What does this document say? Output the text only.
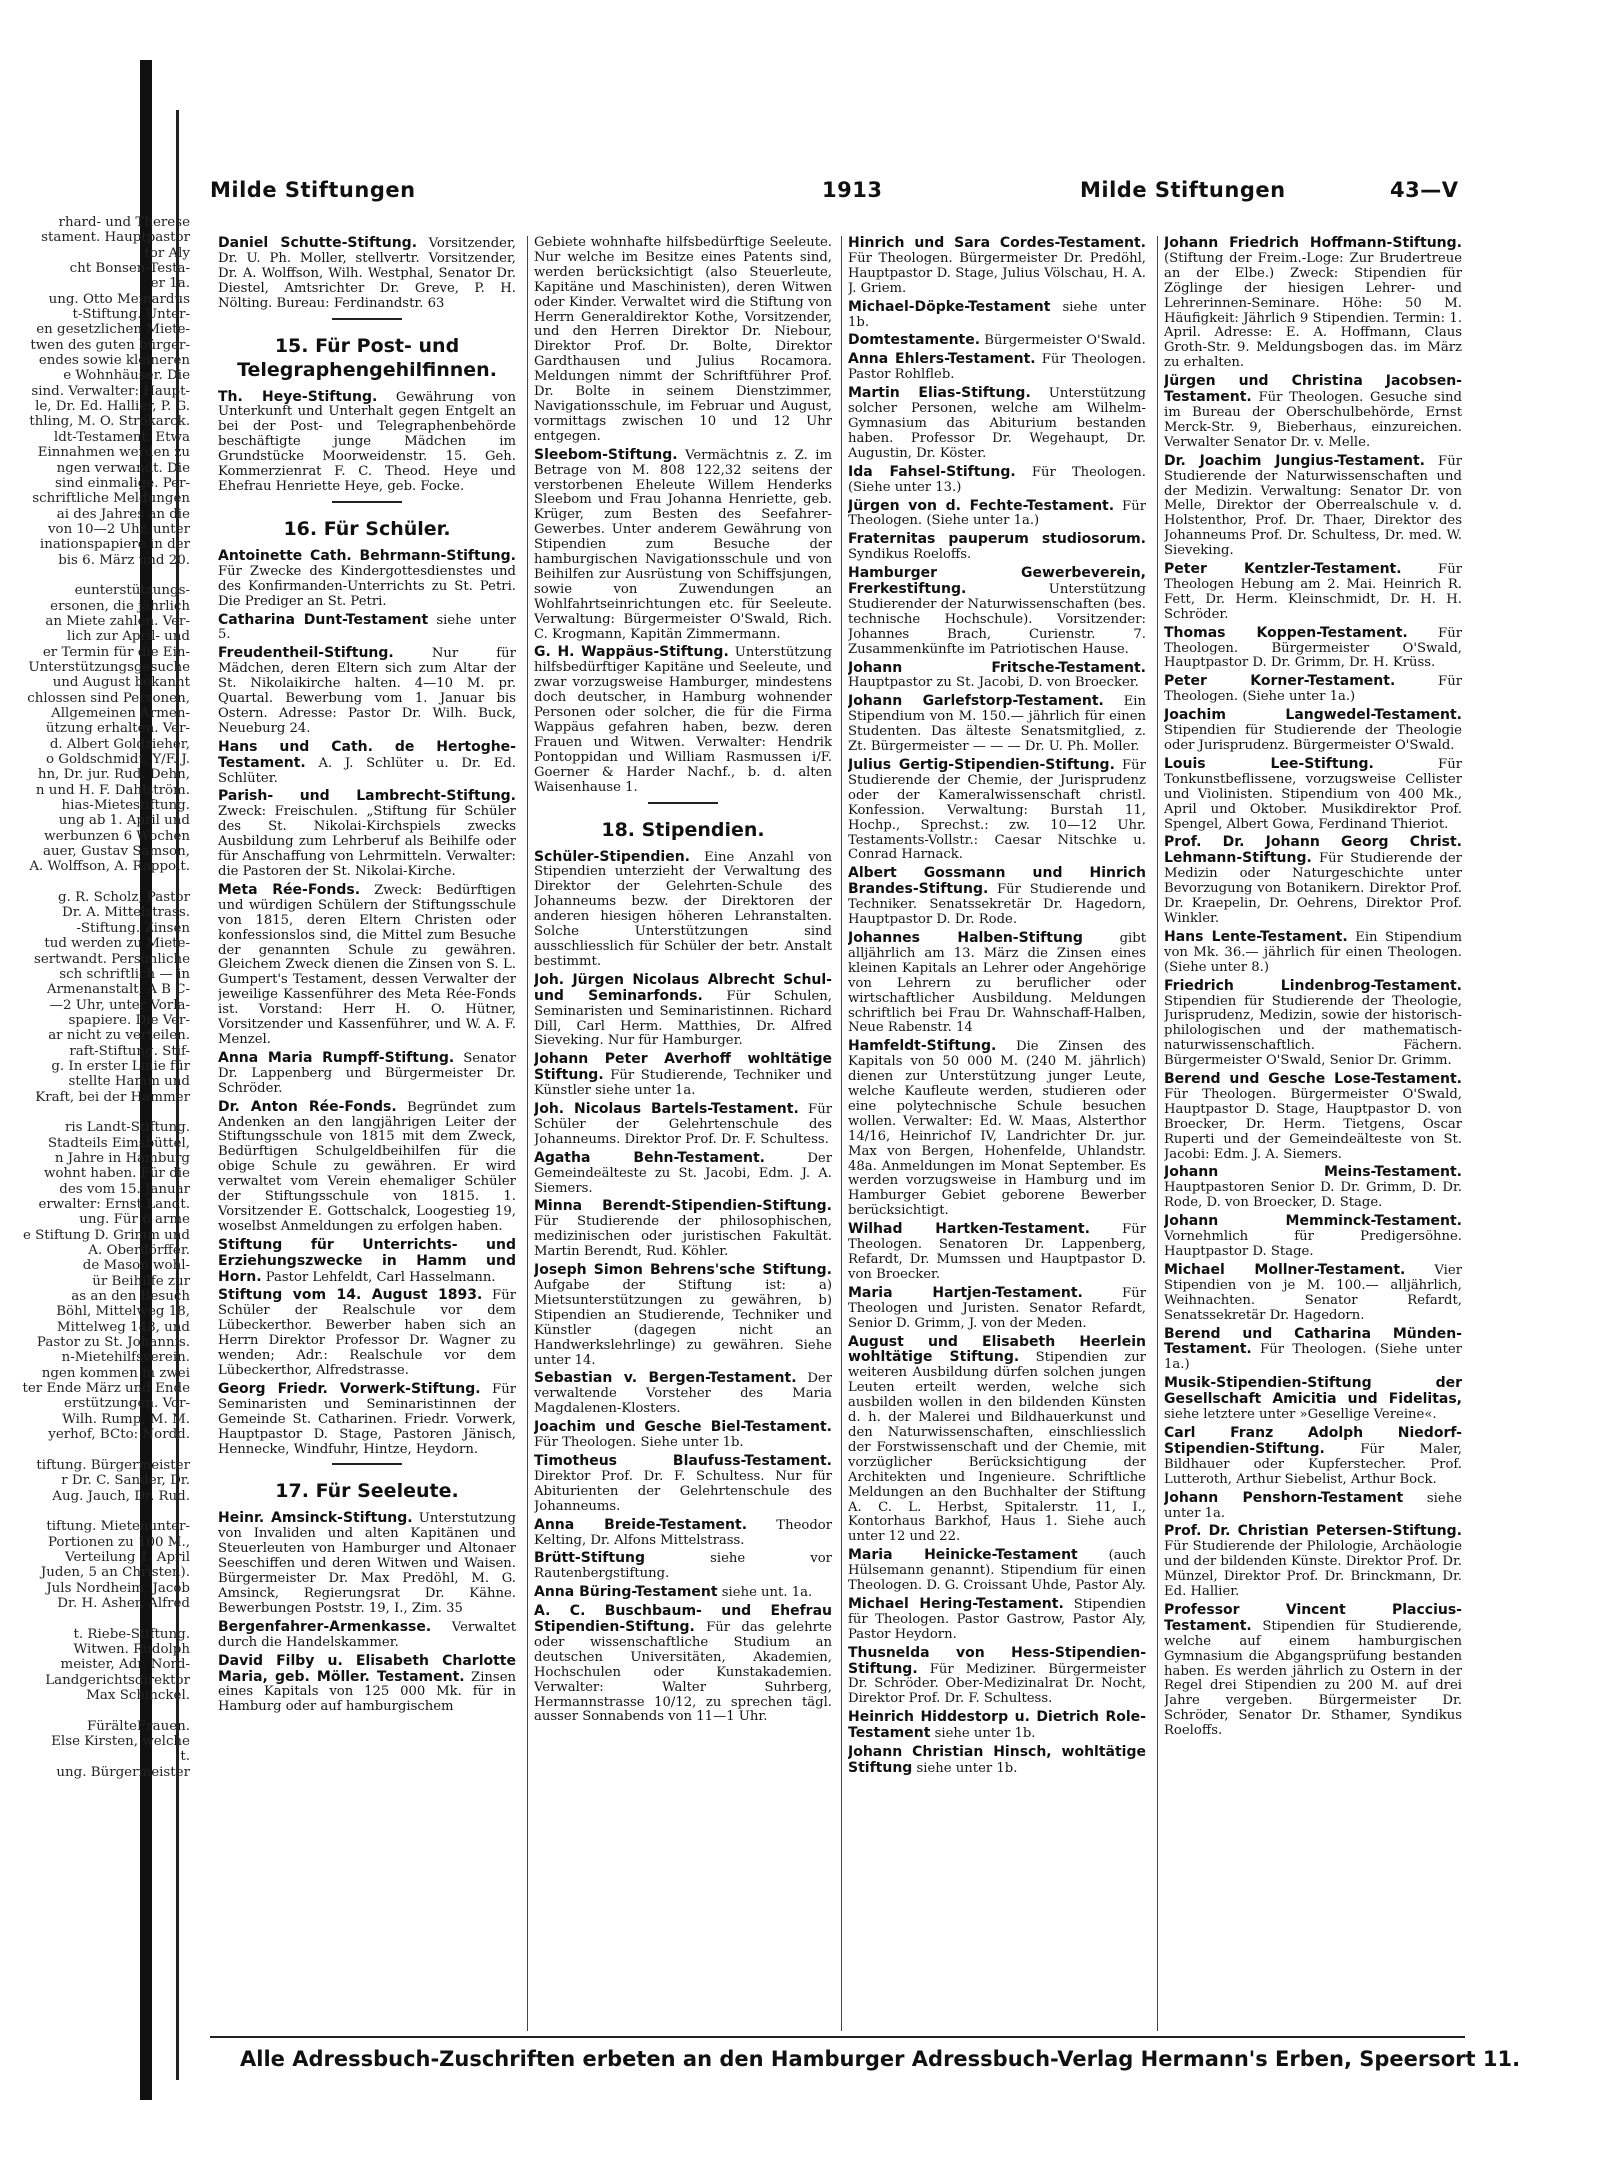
rhard- und Therese
stament. Hauptpastor
tor Aly
cht Bonsen-Testa-
er 1a.
ung. Otto Meinardus
t-Stiftung. Unter-
en gesetzlichen Miete-
twen des guten bürger-
endes sowie kleineren
e Wohnhäuser. Die
sind. Verwalter: Haupt-
le, Dr. Ed. Hallier, P. G.
thling, M. O. Strokarck.
ldt-Testament. Etwa
Einnahmen werden zu
ngen verwandt. Die
sind einmalige. Per-
schriftliche Meldungen
ai des Jahres an die
von 10—2 Uhr, unter
inationspapiere in der
bis 6. März und 20.
eunterstützungs-
ersonen, die jährlich
an Miete zahlen. Ver-
lich zur April- und
er Termin für die Ein-
Unterstützungsgesuche
und August bekannt
chlossen sind Personen,
Allgemeinen Armen-
ützung erhalten. Ver-
d. Albert Goldzieher,
o Goldschmidt, Y/F. J.
hn, Dr. jur. Rud. Dehn,
n und H. F. Dahlström.
hias-Mietestiftung.
ung ab 1. April und
werbunzen 6 Wochen
auer, Gustav Samson,
A. Wolffson, A. Rappolt.
g. R. Scholz, Pastor
Dr. A. Mittelstrass.
-Stiftung. Zinsen
tud werden zu Miete-
sertwandt. Persönliche
sch schriftlich — in
Armenanstalt, A B C-
—2 Uhr, unter Vorla-
spapiere. Die Ver-
ar nicht zu verteilen.
raft-Stiftung. Stif-
g. In erster Linie für
stellte Hamm und
Kraft, bei der Hammer
ris Landt-Stiftung.
Stadteils Eimsbüttel,
n Jahre in Hamburg
wohnt haben. Für die
des vom 15. Januar
erwalter: Ernst Landt.
ung. Für 6 arme
e Stiftung D. Grimm und
A. Oberdörffer.
de Mason wohl-
ür Beihilfe zur
as an den Besuch
Böhl, Mittelweg 18,
Mittelweg 148, und
Pastor zu St. Johannis.
n-Mietehilfsverein.
ngen kommen in zwei
ter Ende März und Ende
erstützungen. Vor-
Wilh. Rump, M. M.
yerhof, BCto: Nordd.
tiftung. Bürgermeister
r Dr. C. Sander, Dr.
Aug. Jauch, Dr. Rud.
tiftung. Mietenunter-
Portionen zu 100 M.,
Verteilung 1. April
Juden, 5 an Christen).
Juls Nordheim, Jacob
Dr. H. Asher, Alfred
t. Riebe-Stiftung.
Witwen. Rudolph
meister, Adr. Nord-
Landgerichtsdirektor
Max Schinckel.
FürälteFrauen.
Else Kirsten, welche
t.
ung. Bürgermeister
Milde Stiftungen	1913	Milde Stiftungen	43—V

Daniel Schutte-Stiftung. Vorsitzender, Dr. U. Ph. Moller, stellvertr. Vorsitzender, Dr. A. Wolffson, Wilh. Westphal, Senator Dr. Diestel, Amtsrichter Dr. Greve, P. H. Nölting. Bureau: Ferdinandstr. 63

15. Für Post- und Telegraphengehilfinnen.

Th. Heye-Stiftung. Gewährung von Unterkunft und Unterhalt gegen Entgelt an bei der Post- und Telegraphenbehörde beschäftigte junge Mädchen im Grundstücke Moorweidenstr. 15. Geh. Kommerzienrat F. C. Theod. Heye und Ehefrau Henriette Heye, geb. Focke.

16. Für Schüler.

Antoinette Cath. Behrmann-Stiftung. Für Zwecke des Kindergottesdienstes und des Konfirmanden-Unterrichts zu St. Petri. Die Prediger an St. Petri.

Catharina Dunt-Testament siehe unter 5.

Freudentheil-Stiftung.	Nur für Mädchen, deren Eltern sich zum Altar der St. Nikolaikirche halten. 4—10 M. pr. Quartal. Bewerbung vom 1. Januar bis Ostern. Adresse: Pastor Dr. Wilh. Buck, Neueburg 24.

Hans und Cath. de Hertoghe-Testament. A. J. Schlüter u. Dr. Ed. Schlüter.

Parish- und Lambrecht-Stiftung. Zweck: Freischulen. „Stiftung für Schüler des St. Nikolai-Kirchspiels zwecks Ausbildung zum Lehrberuf als Beihilfe oder für Anschaffung von Lehrmitteln. Verwalter: die Pastoren der St. Nikolai-Kirche.

Meta Rée-Fonds. Zweck: Bedürftigen und würdigen Schülern der Stiftungsschule von 1815, deren Eltern Christen oder konfessionslos sind, die Mittel zum Besuche der genannten Schule zu gewähren. Gleichem Zweck dienen die Zinsen von S. L. Gumpert's Testament, dessen Verwalter der jeweilige Kassenführer des Meta Rée-Fonds ist. Vorstand: Herr H. O. Hütner, Vorsitzender und Kassenführer, und W. A. F. Menzel.

Anna Maria Rumpff-Stiftung. Senator Dr. Lappenberg und Bürgermeister Dr. Schröder.

Dr. Anton Rée-Fonds. Begründet zum Andenken an den langjährigen Leiter der Stiftungsschule von 1815 mit dem Zweck, Bedürftigen Schulgeldbeihilfen für die obige Schule zu gewähren. Er wird verwaltet vom Verein ehemaliger Schüler der Stiftungsschule von 1815. 1. Vorsitzender E. Gottschalck, Loogestieg 19, woselbst Anmeldungen zu erfolgen haben.

Stiftung für Unterrichts- und Erziehungszwecke in Hamm und Horn. Pastor Lehfeldt, Carl Hasselmann.

Stiftung vom 14. August 1893. Für Schüler der Realschule vor dem Lübeckerthor. Bewerber haben sich an Herrn Direktor Professor Dr. Wagner zu wenden; Adr.: Realschule vor dem Lübeckerthor, Alfredstrasse.

Georg Friedr. Vorwerk-Stiftung. Für Seminaristen und Seminaristinnen der Gemeinde St. Catharinen. Friedr. Vorwerk, Hauptpastor D. Stage, Pastoren Jänisch, Hennecke, Windfuhr, Hintze, Heydorn.

17. Für Seeleute.

Heinr. Amsinck-Stiftung. Unterstutzung von Invaliden und alten Kapitänen und Steuerleuten von Hamburger und Altonaer Seeschiffen und deren Witwen und Waisen. Bürgermeister Dr. Max Predöhl, M. G. Amsinck, Regierungsrat Dr. Kähne. Bewerbungen Poststr. 19, I., Zim. 35

Bergenfahrer-Armenkasse. Verwaltet durch die Handelskammer.

David Filby u. Elisabeth Charlotte Maria, geb. Möller. Testament. Zinsen eines Kapitals von 125 000 Mk. für in Hamburg oder auf hamburgischem

Gebiete wohnhafte hilfsbedürftige Seeleute. Nur welche im Besitze eines Patents sind, werden berücksichtigt (also Steuerleute, Kapitäne und Maschinisten), deren Witwen oder Kinder. Verwaltet wird die Stiftung von Herrn Generaldirektor Kothe, Vorsitzender, und den Herren Direktor Dr. Niebour, Direktor Prof. Dr. Bolte, Direktor Gardthausen und Julius Rocamora. Meldungen nimmt der Schriftführer Prof. Dr. Bolte in seinem Dienstzimmer, Navigationsschule, im Februar und August, vormittags zwischen 10 und 12 Uhr entgegen.

Sleebom-Stiftung. Vermächtnis z. Z. im Betrage von M. 808 122,32 seitens der verstorbenen Eheleute Willem Henderks Sleebom und Frau Johanna Henriette, geb. Krüger, zum Besten des Seefahrer-Gewerbes. Unter anderem Gewährung von Stipendien zum Besuche der hamburgischen Navigationsschule und von Beihilfen zur Ausrüstung von Schiffsjungen, sowie von Zuwendungen an Wohlfahrtseinrichtungen etc. für Seeleute. Verwaltung: Bürgermeister O'Swald, Rich. C. Krogmann, Kapitän Zimmermann.

G. H. Wappäus-Stiftung. Unterstützung hilfsbedürftiger Kapitäne und Seeleute, und zwar vorzugsweise Hamburger, mindestens doch deutscher, in Hamburg wohnender Personen oder solcher, die für die Firma Wappäus gefahren haben, bezw. deren Frauen und Witwen. Verwalter: Hendrik Pontoppidan und William Rasmussen i/F. Goerner & Harder Nachf., b. d. alten Waisenhause 1.

18. Stipendien.

Schüler-Stipendien. Eine Anzahl von Stipendien unterzieht der Verwaltung des Direktor der Gelehrten-Schule des Johanneums bezw. der Direktoren der anderen hiesigen höheren Lehranstalten. Solche Unterstützungen sind ausschliesslich für Schüler der betr. Anstalt bestimmt.

Joh. Jürgen Nicolaus Albrecht Schul- und Seminarfonds. Für Schulen, Seminaristen und Seminaristinnen. Richard Dill, Carl Herm. Matthies, Dr. Alfred Sieveking. Nur für Hamburger.

Johann Peter Averhoff wohltätige Stiftung. Für Studierende, Techniker und Künstler siehe unter 1a.

Joh. Nicolaus Bartels-Testament. Für Schüler der Gelehrtenschule des Johanneums. Direktor Prof. Dr. F. Schultess.

Agatha Behn-Testament.	Der Gemeindeälteste zu St. Jacobi, Edm. J. A. Siemers.

Minna Berendt-Stipendien-Stiftung. Für Studierende der philosophischen, medizinischen oder juristischen Fakultät. Martin Berendt, Rud. Köhler.

Joseph Simon Behrens'sche Stiftung. Aufgabe der Stiftung ist: a) Mietsunterstützungen zu gewähren, b) Stipendien an Studierende, Techniker und Künstler (dagegen nicht an Handwerkslehrlinge) zu gewähren. Siehe unter 14.

Sebastian v. Bergen-Testament. Der verwaltende Vorsteher des Maria Magdalenen-Klosters.

Joachim und Gesche Biel-Testament. Für Theologen. Siehe unter 1b.

Timotheus Blaufuss-Testament. Direktor Prof. Dr. F. Schultess. Nur für Abiturienten der Gelehrtenschule des Johanneums.

Anna Breide-Testament. Theodor Kelting, Dr. Alfons Mittelstrass.

Brütt-Stiftung	siehe vor Rautenbergstiftung.

Anna Büring-Testament siehe unt. 1a.

A. C. Buschbaum- und Ehefrau Stipendien-Stiftung. Für das gelehrte oder wissenschaftliche Studium an deutschen Universitäten, Akademien, Hochschulen oder Kunstakademien. Verwalter: Walter Suhrberg, Hermannstrasse 10/12, zu sprechen tägl. ausser Sonnabends von 11—1 Uhr.

Hinrich und Sara Cordes-Testament. Für Theologen. Bürgermeister Dr. Predöhl, Hauptpastor D. Stage, Julius Völschau, H. A. J. Griem.

Michael-Döpke-Testament siehe unter 1b.

Domtestamente. Bürgermeister O'Swald.

Anna Ehlers-Testament. Für Theologen. Pastor Rohlfleb.

Martin Elias-Stiftung. Unterstützung solcher Personen, welche am Wilhelm-Gymnasium das Abiturium bestanden haben. Professor Dr. Wegehaupt, Dr. Augustin, Dr. Köster.

Ida Fahsel-Stiftung. Für Theologen. (Siehe unter 13.)

Jürgen von d. Fechte-Testament. Für Theologen. (Siehe unter 1a.)

Fraternitas pauperum studiosorum. Syndikus Roeloffs.

Hamburger Gewerbeverein, Frerkestiftung.	Unterstützung Studierender der Naturwissenschaften (bes. technische Hochschule). Vorsitzender: Johannes Brach, Curienstr. 7. Zusammenkünfte im Patriotischen Hause.

Johann Fritsche-Testament. Hauptpastor zu St. Jacobi, D. von Broecker.

Johann Garlefstorp-Testament. Ein Stipendium von M. 150.— jährlich für einen Studenten. Das älteste Senatsmitglied, z. Zt. Bürgermeister — — — Dr. U. Ph. Moller.

Julius Gertig-Stipendien-Stiftung. Für Studierende der Chemie, der Jurisprudenz oder der Kameralwissenschaft christl. Konfession. Verwaltung: Burstah 11, Hochp., Sprechst.: zw. 10—12 Uhr. Testaments-Vollstr.: Caesar Nitschke u. Conrad Harnack.

Albert Gossmann und Hinrich Brandes-Stiftung. Für Studierende und Techniker. Senatssekretär Dr. Hagedorn, Hauptpastor D. Dr. Rode.

Johannes Halben-Stiftung	gibt alljährlich am 13. März die Zinsen eines kleinen Kapitals an Lehrer oder Angehörige von Lehrern zu beruflicher oder wirtschaftlicher Ausbildung. Meldungen schriftlich bei Frau Dr. Wahnschaff-Halben, Neue Rabenstr. 14

Hamfeldt-Stiftung. Die Zinsen des Kapitals von 50 000 M. (240 M. jährlich) dienen zur Unterstützung junger Leute, welche Kaufleute werden, studieren oder eine polytechnische Schule besuchen wollen. Verwalter: Ed. W. Maas, Alsterthor 14/16, Heinrichof IV, Landrichter Dr. jur. Max von Bergen, Hohenfelde, Uhlandstr. 48a. Anmeldungen im Monat September. Es werden vorzugsweise in Hamburg und im Hamburger Gebiet geborene Bewerber berücksichtigt.

Wilhad Hartken-Testament. Für Theologen. Senatoren Dr. Lappenberg, Refardt, Dr. Mumssen und Hauptpastor D. von Broecker.

Maria Hartjen-Testament.	Für Theologen und Juristen. Senator Refardt, Senior D. Grimm, J. von der Meden.

August und Elisabeth Heerlein wohltätige Stiftung. Stipendien zur weiteren Ausbildung dürfen solchen jungen Leuten erteilt werden, welche sich ausbilden wollen in den bildenden Künsten d. h. der Malerei und Bildhauerkunst und den Naturwissenschaften, einschliesslich der Forstwissenschaft und der Chemie, mit vorzüglicher Berücksichtigung der Architekten und Ingenieure. Schriftliche Meldungen an den Buchhalter der Stiftung A. C. L. Herbst, Spitalerstr. 11, I., Kontorhaus Barkhof, Haus 1. Siehe auch unter 12 und 22.

Maria Heinicke-Testament (auch Hülsemann genannt). Stipendium für einen Theologen. D. G. Croissant Uhde, Pastor Aly.

Michael Hering-Testament. Stipendien für Theologen. Pastor Gastrow, Pastor Aly, Pastor Heydorn.

Thusnelda von Hess-Stipendien-Stiftung. Für Mediziner. Bürgermeister Dr. Schröder. Ober-Medizinalrat Dr. Nocht, Direktor Prof. Dr. F. Schultess.

Heinrich Hiddestorp u. Dietrich Role-Testament siehe unter 1b.

Johann Christian Hinsch, wohltätige Stiftung siehe unter 1b.

Johann Friedrich Hoffmann-Stiftung. (Stiftung der Freim.-Loge: Zur Brudertreue an der Elbe.) Zweck: Stipendien für Zöglinge der hiesigen Lehrer- und Lehrerinnen-Seminare. Höhe: 50 M. Häufigkeit: Jährlich 9 Stipendien. Termin: 1. April. Adresse: E. A. Hoffmann, Claus Groth-Str. 9. Meldungsbogen das. im März zu erhalten.

Jürgen und Christina Jacobsen-Testament. Für Theologen. Gesuche sind im Bureau der Oberschulbehörde, Ernst Merck-Str. 9, Bieberhaus, einzureichen. Verwalter Senator Dr. v. Melle.

Dr. Joachim Jungius-Testament. Für Studierende der Naturwissenschaften und der Medizin. Verwaltung: Senator Dr. von Melle, Direktor der Oberrealschule v. d. Holstenthor, Prof. Dr. Thaer, Direktor des Johanneums Prof. Dr. Schultess, Dr. med. W. Sieveking.

Peter Kentzler-Testament.	Für Theologen Hebung am 2. Mai. Heinrich R. Fett, Dr. Herm. Kleinschmidt, Dr. H. H. Schröder.

Thomas Koppen-Testament. Für Theologen. Bürgermeister O'Swald, Hauptpastor D. Dr. Grimm, Dr. H. Krüss.

Peter Korner-Testament.	Für Theologen. (Siehe unter 1a.)

Joachim Langwedel-Testament. Stipendien für Studierende der Theologie oder Jurisprudenz. Bürgermeister O'Swald.

Louis Lee-Stiftung.	Für Tonkunstbeflissene, vorzugsweise Cellister und Violinisten. Stipendium von 400 Mk., April und Oktober. Musikdirektor Prof. Spengel, Albert Gowa, Ferdinand Thieriot.

Prof. Dr. Johann Georg Christ. Lehmann-Stiftung. Für Studierende der Medizin oder Naturgeschichte unter Bevorzugung von Botanikern. Direktor Prof. Dr. Kraepelin, Dr. Oehrens, Direktor Prof. Winkler.

Hans Lente-Testament. Ein Stipendium von Mk. 36.— jährlich für einen Theologen. (Siehe unter 8.)

Friedrich Lindenbrog-Testament. Stipendien für Studierende der Theologie, Jurisprudenz, Medizin, sowie der historisch-philologischen und der mathematisch-naturwissenschaftlich. Fächern. Bürgermeister O'Swald, Senior Dr. Grimm.

Berend und Gesche Lose-Testament. Für Theologen. Bürgermeister O'Swald, Hauptpastor D. Stage, Hauptpastor D. von Broecker, Dr. Herm. Tietgens, Oscar Ruperti und der Gemeindeälteste von St. Jacobi: Edm. J. A. Siemers.

Johann Meins-Testament. Hauptpastoren Senior D. Dr. Grimm, D. Dr. Rode, D. von Broecker, D. Stage.

Johann Memminck-Testament. Vornehmlich für Predigersöhne. Hauptpastor D. Stage.

Michael Mollner-Testament. Vier Stipendien von je M. 100.— alljährlich, Weihnachten. Senator Refardt, Senatssekretär Dr. Hagedorn.

Berend und Catharina Münden-Testament. Für Theologen. (Siehe unter 1a.)

Musik-Stipendien-Stiftung der Gesellschaft Amicitia und Fidelitas, siehe letztere unter »Gesellige Vereine«.

Carl Franz Adolph Niedorf-Stipendien-Stiftung.	Für Maler, Bildhauer oder Kupferstecher. Prof. Lutteroth, Arthur Siebelist, Arthur Bock.

Johann Penshorn-Testament siehe unter 1a.

Prof. Dr. Christian Petersen-Stiftung. Für Studierende der Philologie, Archäologie und der bildenden Künste. Direktor Prof. Dr. Münzel, Direktor Prof. Dr. Brinckmann, Dr. Ed. Hallier.

Professor Vincent Placcius-Testament. Stipendien für Studierende, welche auf einem hamburgischen Gymnasium die Abgangsprüfung bestanden haben. Es werden jährlich zu Ostern in der Regel drei Stipendien zu 200 M. auf drei Jahre vergeben. Bürgermeister Dr. Schröder, Senator Dr. Sthamer, Syndikus Roeloffs.

Alle Adressbuch-Zuschriften erbeten an den Hamburger Adressbuch-Verlag Hermann's Erben, Speersort 11.
